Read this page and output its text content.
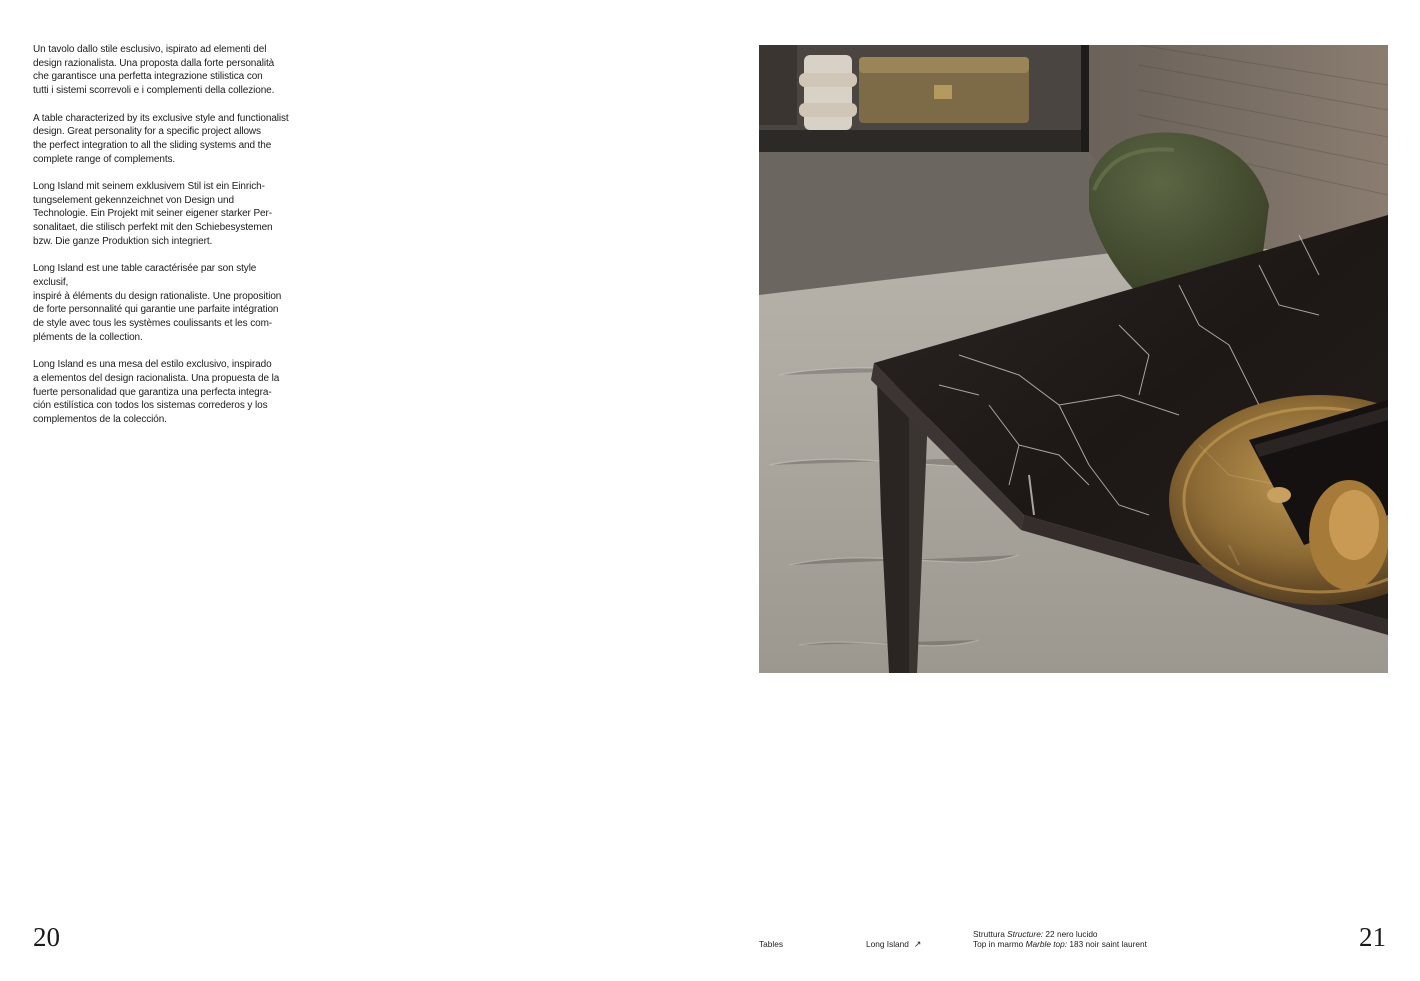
Un tavolo dallo stile esclusivo, ispirato ad elementi del
design razionalista. Una proposta dalla forte personalità
che garantisce una perfetta integrazione stilistica con
tutti i sistemi scorrevoli e i complementi della collezione.

A table characterized by its exclusive style and functionalist
design. Great personality for a specific project allows
the perfect integration to all the sliding systems and the
complete range of complements.

Long Island mit seinem exklusivem Stil ist ein Einrich-
tungselement gekennzeichnet von Design und
Technologie. Ein Projekt mit seiner eigener starker Per-
sonalitaet, die stilisch perfekt mit den Schiebesystemen
bzw. Die ganze Produktion sich integriert.

Long Island est une table caractérisée par son style exclusif,
inspiré à éléments du design rationaliste. Une proposition
de forte personnalité qui garantie une parfaite intégration
de style avec tous les systèmes coulissants et les com-
pléments de la collection.

Long Island es una mesa del estilo exclusivo, inspirado
a elementos del design racionalista. Una propuesta de la
fuerte personalidad que garantiza una perfecta integra-
ción estilística con todos los sistemas correderos y los
complementos de la colección.

20	21
Tables	Long Island ↗
Struttura Structure: 22 nero lucido
Top in marmo Marble top: 183 noir saint laurent
